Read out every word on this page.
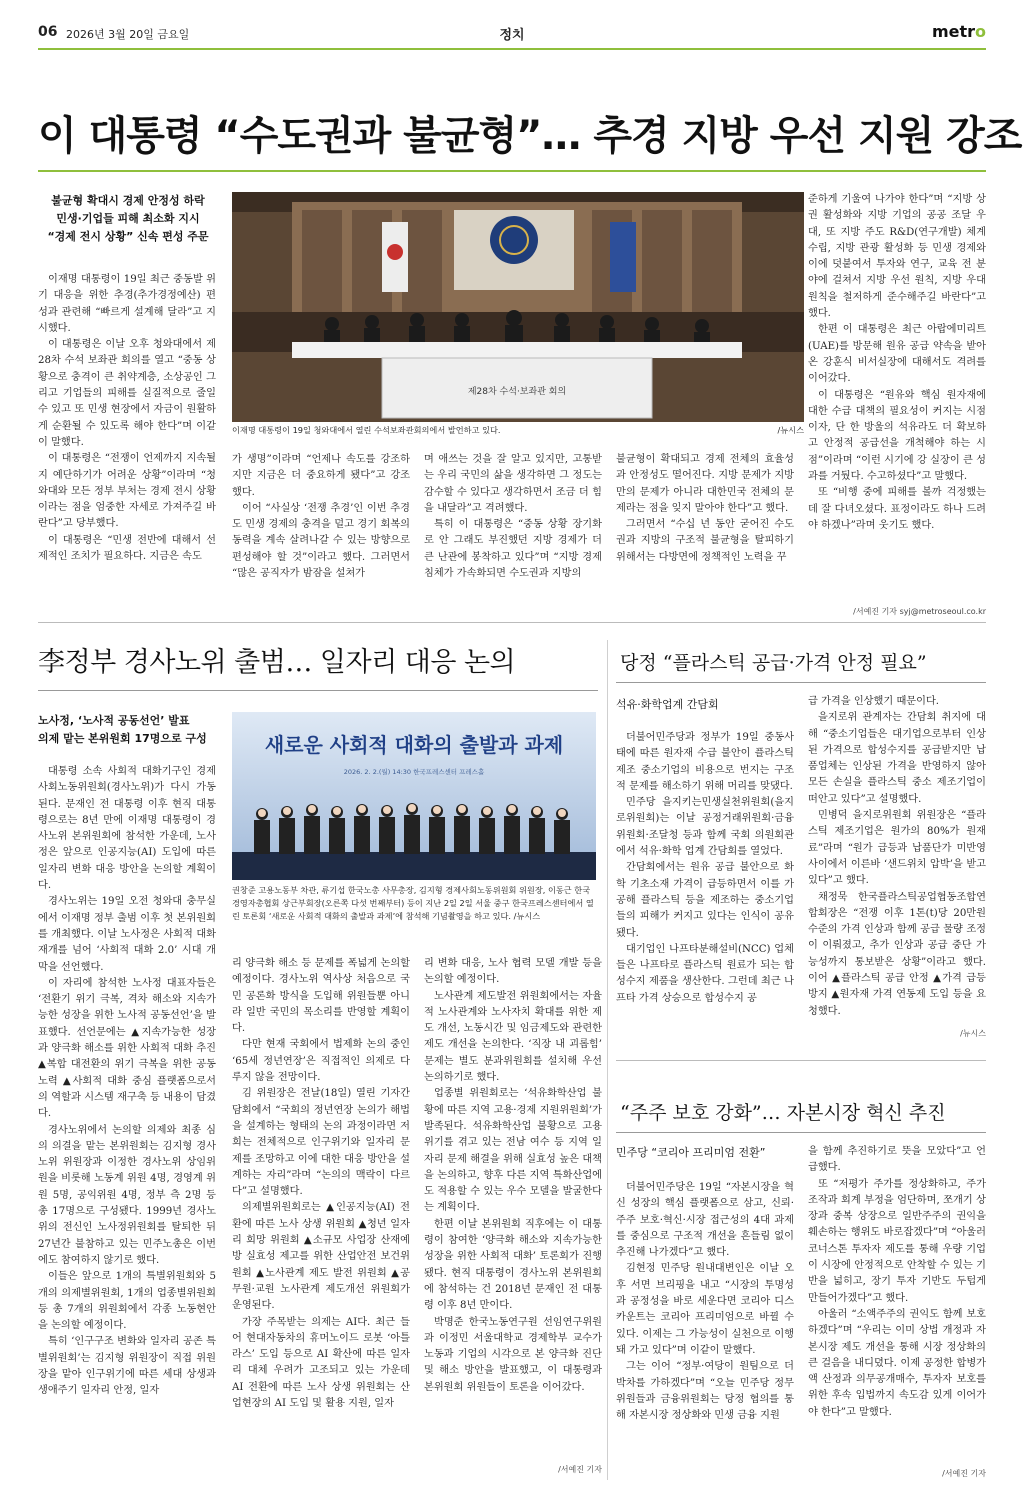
06 2026년 3월 20일 금요일	정치	metro
이 대통령 “수도권과 불균형”… 추경 지방 우선 지원 강조
불균형 확대시 경제 안정성 하락
민생·기업들 피해 최소화 지시
“경제 전시 상황” 신속 편성 주문

이재명 대통령이 19일 최근 중동발 위기 대응을 위한 추경(추가경정예산) 편성과 관련해 “빠르게 설계해 달라”고 지시했다.

이 대통령은 이날 오후 청와대에서 제28차 수석 보좌관 회의를 열고 “중동 상황으로 충격이 큰 취약계층, 소상공인 그리고 기업들의 피해를 실질적으로 줄일 수 있고 또 민생 현장에서 자금이 원활하게 순환될 수 있도록 해야 한다”며 이같이 말했다.

이 대통령은 “전쟁이 언제까지 지속될지 예단하기가 어려운 상황”이라며 “청와대와 모든 정부 부처는 경제 전시 상황이라는 점을 엄중한 자세로 가져주길 바란다”고 당부했다.

이 대통령은 “민생 전반에 대해서 선제적인 조치가 필요하다. 지금은 속도

제28차 수석·보좌관 회의
이재명 대통령이 19일 청와대에서 열린 수석보좌관회의에서 발언하고 있다.	/뉴시스

가 생명”이라며 “언제나 속도를 강조하지만 지금은 더 중요하게 됐다”고 강조했다.

이어 “사실상 ‘전쟁 추경’인 이번 추경도 민생 경제의 충격을 덜고 경기 회복의 동력을 계속 살려나갈 수 있는 방향으로 편성해야 할 것”이라고 했다. 그러면서 “많은 공직자가 밤잠을 설쳐가

며 애쓰는 것을 잘 알고 있지만, 고통받는 우리 국민의 삶을 생각하면 그 정도는 감수할 수 있다고 생각하면서 조금 더 힘을 내달라”고 격려했다.

특히 이 대통령은 “중동 상황 장기화로 안 그래도 부진했던 지방 경제가 더 큰 난관에 봉착하고 있다”며 “지방 경제 침체가 가속화되면 수도권과 지방의

불균형이 확대되고 경제 전체의 효율성과 안정성도 떨어진다. 지방 문제가 지방만의 문제가 아니라 대한민국 전체의 문제라는 점을 잊지 말아야 한다”고 했다.

그러면서 “수십 년 동안 굳어진 수도권과 지방의 구조적 불균형을 탈피하기 위해서는 다방면에 정책적인 노력을 꾸

준하게 기울여 나가야 한다”며 “지방 상권 활성화와 지방 기업의 공공 조달 우대, 또 지방 주도 R&D(연구개발) 체계 수립, 지방 관광 활성화 등 민생 경제와 이에 덧붙여서 투자와 연구, 교육 전 분야에 걸쳐서 지방 우선 원칙, 지방 우대 원칙을 철저하게 준수해주길 바란다”고 했다.

한편 이 대통령은 최근 아랍에미리트(UAE)를 방문해 원유 공급 약속을 받아 온 강훈식 비서실장에 대해서도 격려를 이어갔다.

이 대통령은 “원유와 핵심 원자재에 대한 수급 대책의 필요성이 커지는 시점이자, 단 한 방울의 석유라도 더 확보하고 안정적 공급선을 개척해야 하는 시점”이라며 “이런 시기에 강 실장이 큰 성과를 거뒀다. 수고하셨다”고 말했다.

또 “비행 중에 피해를 볼까 걱정했는데 잘 다녀오셨다. 표정이라도 하나 드려야 하겠나”라며 웃기도 했다.

/서예진 기자 syj@metroseoul.co.kr
李정부 경사노위 출범… 일자리 대응 논의
노사정, ‘노사적 공동선언’ 발표
의제 맡는 본위원회 17명으로 구성

대통령 소속 사회적 대화기구인 경제사회노동위원회(경사노위)가 다시 가동된다. 문재인 전 대통령 이후 현직 대통령으로는 8년 만에 이재명 대통령이 경사노위 본위원회에 참석한 가운데, 노사정은 앞으로 인공지능(AI) 도입에 따른 일자리 변화 대응 방안을 논의할 계획이다.

경사노위는 19일 오전 청와대 충무실에서 이재명 정부 출범 이후 첫 본위원회를 개최했다. 이날 노사정은 사회적 대화 재개를 넘어 ‘사회적 대화 2.0’ 시대 개막을 선언했다.

이 자리에 참석한 노사정 대표자들은 ‘전환기 위기 극복, 격차 해소와 지속가능한 성장을 위한 노사적 공동선언’을 발표했다. 선언문에는 ▲지속가능한 성장과 양극화 해소를 위한 사회적 대화 추진 ▲복합 대전환의 위기 극복을 위한 공동 노력 ▲사회적 대화 중심 플랫폼으로서의 역할과 시스템 재구축 등 내용이 담겼다.

경사노위에서 논의할 의제와 최종 심의 의결을 맡는 본위원회는 김지형 경사노위 위원장과 이정한 경사노위 상임위원을 비롯해 노동계 위원 4명, 경영계 위원 5명, 공익위원 4명, 정부 측 2명 등 총 17명으로 구성됐다. 1999년 경사노위의 전신인 노사정위원회를 탈퇴한 뒤 27년간 불참하고 있는 민주노총은 이번에도 참여하지 않기로 했다.

이들은 앞으로 1개의 특별위원회와 5개의 의제별위원회, 1개의 업종별위원회 등 총 7개의 위원회에서 각종 노동현안을 논의할 예정이다.

특히 ‘인구구조 변화와 일자리 공존 특별위원회’는 김지형 위원장이 직접 위원장을 맡아 인구위기에 따른 세대 상생과 생애주기 일자리 안정, 일자

새로운 사회적 대화의 출발과 과제
2026. 2. 2.(월) 14:30 한국프레스센터 프레스홀
권창준 고용노동부 차관, 류기섭 한국노총 사무총장, 김지형 경제사회노동위원회 위원장, 이동근 한국경영자총협회 상근부회장(오른쪽 다섯 번째부터) 등이 지난 2일 2일 서울 중구 한국프레스센터에서 열린 토론회 ‘새로운 사회적 대화의 출발과 과제’에 참석해 기념촬영을 하고 있다. /뉴시스

리 양극화 해소 등 문제를 폭넓게 논의할 예정이다. 경사노위 역사상 처음으로 국민 공론화 방식을 도입해 위원들뿐 아니라 일반 국민의 목소리를 반영할 계획이다.

다만 현재 국회에서 법제화 논의 중인 ‘65세 정년연장’은 직접적인 의제로 다루지 않을 전망이다.

김 위원장은 전날(18일) 열린 기자간담회에서 “국회의 정년연장 논의가 해법을 설계하는 형태의 논의 과정이라면 저희는 전체적으로 인구위기와 일자리 문제를 조망하고 이에 대한 대응 방안을 설계하는 자리”라며 “논의의 맥락이 다르다”고 설명했다.

의제별위원회로는 ▲인공지능(AI) 전환에 따른 노사 상생 위원회 ▲청년 일자리 희망 위원회 ▲소규모 사업장 산재예방 실효성 제고를 위한 산업안전 보건위원회 ▲노사관계 제도 발전 위원회 ▲공무원·교원 노사관계 제도개선 위원회가 운영된다.

가장 주목받는 의제는 AI다. 최근 들어 현대자동차의 휴머노이드 로봇 ‘아틀라스’ 도입 등으로 AI 확산에 따른 일자리 대체 우려가 고조되고 있는 가운데 AI 전환에 따른 노사 상생 위원회는 산업현장의 AI 도입 및 활용 지원, 일자

리 변화 대응, 노사 협력 모델 개발 등을 논의할 예정이다.

노사관계 제도발전 위원회에서는 자율적 노사관계와 노사자치 확대를 위한 제도 개선, 노동시간 및 임금제도와 관련한 제도 개선을 논의한다. ‘직장 내 괴롭힘’ 문제는 별도 분과위원회를 설치해 우선 논의하기로 했다.

업종별 위원회로는 ‘석유화학산업 불황에 따른 지역 고용·경제 지원위원회’가 발족된다. 석유화학산업 불황으로 고용 위기를 겪고 있는 전남 여수 등 지역 일자리 문제 해결을 위해 실효성 높은 대책을 논의하고, 향후 다른 지역 특화산업에도 적용할 수 있는 우수 모델을 발굴한다는 계획이다.

한편 이날 본위원회 직후에는 이 대통령이 참여한 ‘양극화 해소와 지속가능한 성장을 위한 사회적 대화’ 토론회가 진행됐다. 현직 대통령이 경사노위 본위원회에 참석하는 건 2018년 문재인 전 대통령 이후 8년 만이다.

박명준 한국노동연구원 선임연구위원과 이정민 서울대학교 경제학부 교수가 노동과 기업의 시각으로 본 양극화 진단 및 해소 방안을 발표했고, 이 대통령과 본위원회 위원들이 토론을 이어갔다.

/서예진 기자
당정 “플라스틱 공급·가격 안정 필요”
석유·화학업계 간담회

더불어민주당과 정부가 19일 중동사태에 따른 원자재 수급 불안이 플라스틱 제조 중소기업의 비용으로 번지는 구조적 문제를 해소하기 위해 머리를 맞댔다.

민주당 을지키는민생실천위원회(을지로위원회)는 이날 공정거래위원회·금융위원회·조달청 등과 함께 국회 의원회관에서 석유·화학 업계 간담회를 열었다.

간담회에서는 원유 공급 불안으로 화학 기초소재 가격이 급등하면서 이를 가공해 플라스틱 등을 제조하는 중소기업들의 피해가 커지고 있다는 인식이 공유됐다.

대기업인 나프타분해설비(NCC) 업체들은 나프타로 플라스틱 원료가 되는 합성수지 제품을 생산한다. 그런데 최근 나프타 가격 상승으로 합성수지 공

급 가격을 인상했기 때문이다.

을지로위 관계자는 간담회 취지에 대해 “중소기업들은 대기업으로부터 인상된 가격으로 합성수지를 공급받지만 납품업체는 인상된 가격을 반영하지 않아 모든 손실을 플라스틱 중소 제조기업이 떠안고 있다”고 설명했다.

민병덕 을지로위원회 위원장은 “플라스틱 제조기업은 원가의 80%가 원재료”라며 “원가 급등과 납품단가 미반영 사이에서 이른바 ‘샌드위치 압박’을 받고 있다”고 했다.

채정묵 한국플라스틱공업협동조합연합회장은 “전쟁 이후 1톤(t)당 20만원 수준의 가격 인상과 함께 공급 물량 조정이 이뤄졌고, 추가 인상과 공급 중단 가능성까지 통보받은 상황”이라고 했다. 이어 ▲플라스틱 공급 안정 ▲가격 급등 방지 ▲원자재 가격 연동제 도입 등을 요청했다.

/뉴시스
“주주 보호 강화”… 자본시장 혁신 추진
민주당 “코리아 프리미엄 전환”

더불어민주당은 19일 “자본시장을 혁신 성장의 핵심 플랫폼으로 삼고, 신뢰·주주 보호·혁신·시장 접근성의 4대 과제를 중심으로 구조적 개선을 흔들림 없이 추진해 나가겠다”고 했다.

김현정 민주당 원내대변인은 이날 오후 서면 브리핑을 내고 “시장의 투명성과 공정성을 바로 세운다면 코리아 디스카운트는 코리아 프리미엄으로 바뀔 수 있다. 이제는 그 가능성이 실천으로 이행돼 가고 있다”며 이같이 말했다.

그는 이어 “정부·여당이 원팀으로 더 박차를 가하겠다”며 “오늘 민주당 정무위원들과 금융위원회는 당정 협의를 통해 자본시장 정상화와 민생 금융 지원

을 함께 추진하기로 뜻을 모았다”고 언급했다.

또 “저평가 주가를 정상화하고, 주가 조작과 회계 부정을 엄단하며, 쪼개기 상장과 중복 상장으로 일반주주의 권익을 훼손하는 행위도 바로잡겠다”며 “아울러 코너스톤 투자자 제도를 통해 우량 기업이 시장에 안정적으로 안착할 수 있는 기반을 넓히고, 장기 투자 기반도 두텁게 만들어가겠다”고 했다.

아울러 “소액주주의 권익도 함께 보호하겠다”며 “우리는 이미 상법 개정과 자본시장 제도 개선을 통해 시장 정상화의 큰 걸음을 내디뎠다. 이제 공정한 합병가액 산정과 의무공개매수, 투자자 보호를 위한 후속 입법까지 속도감 있게 이어가야 한다”고 말했다.

/서예진 기자
